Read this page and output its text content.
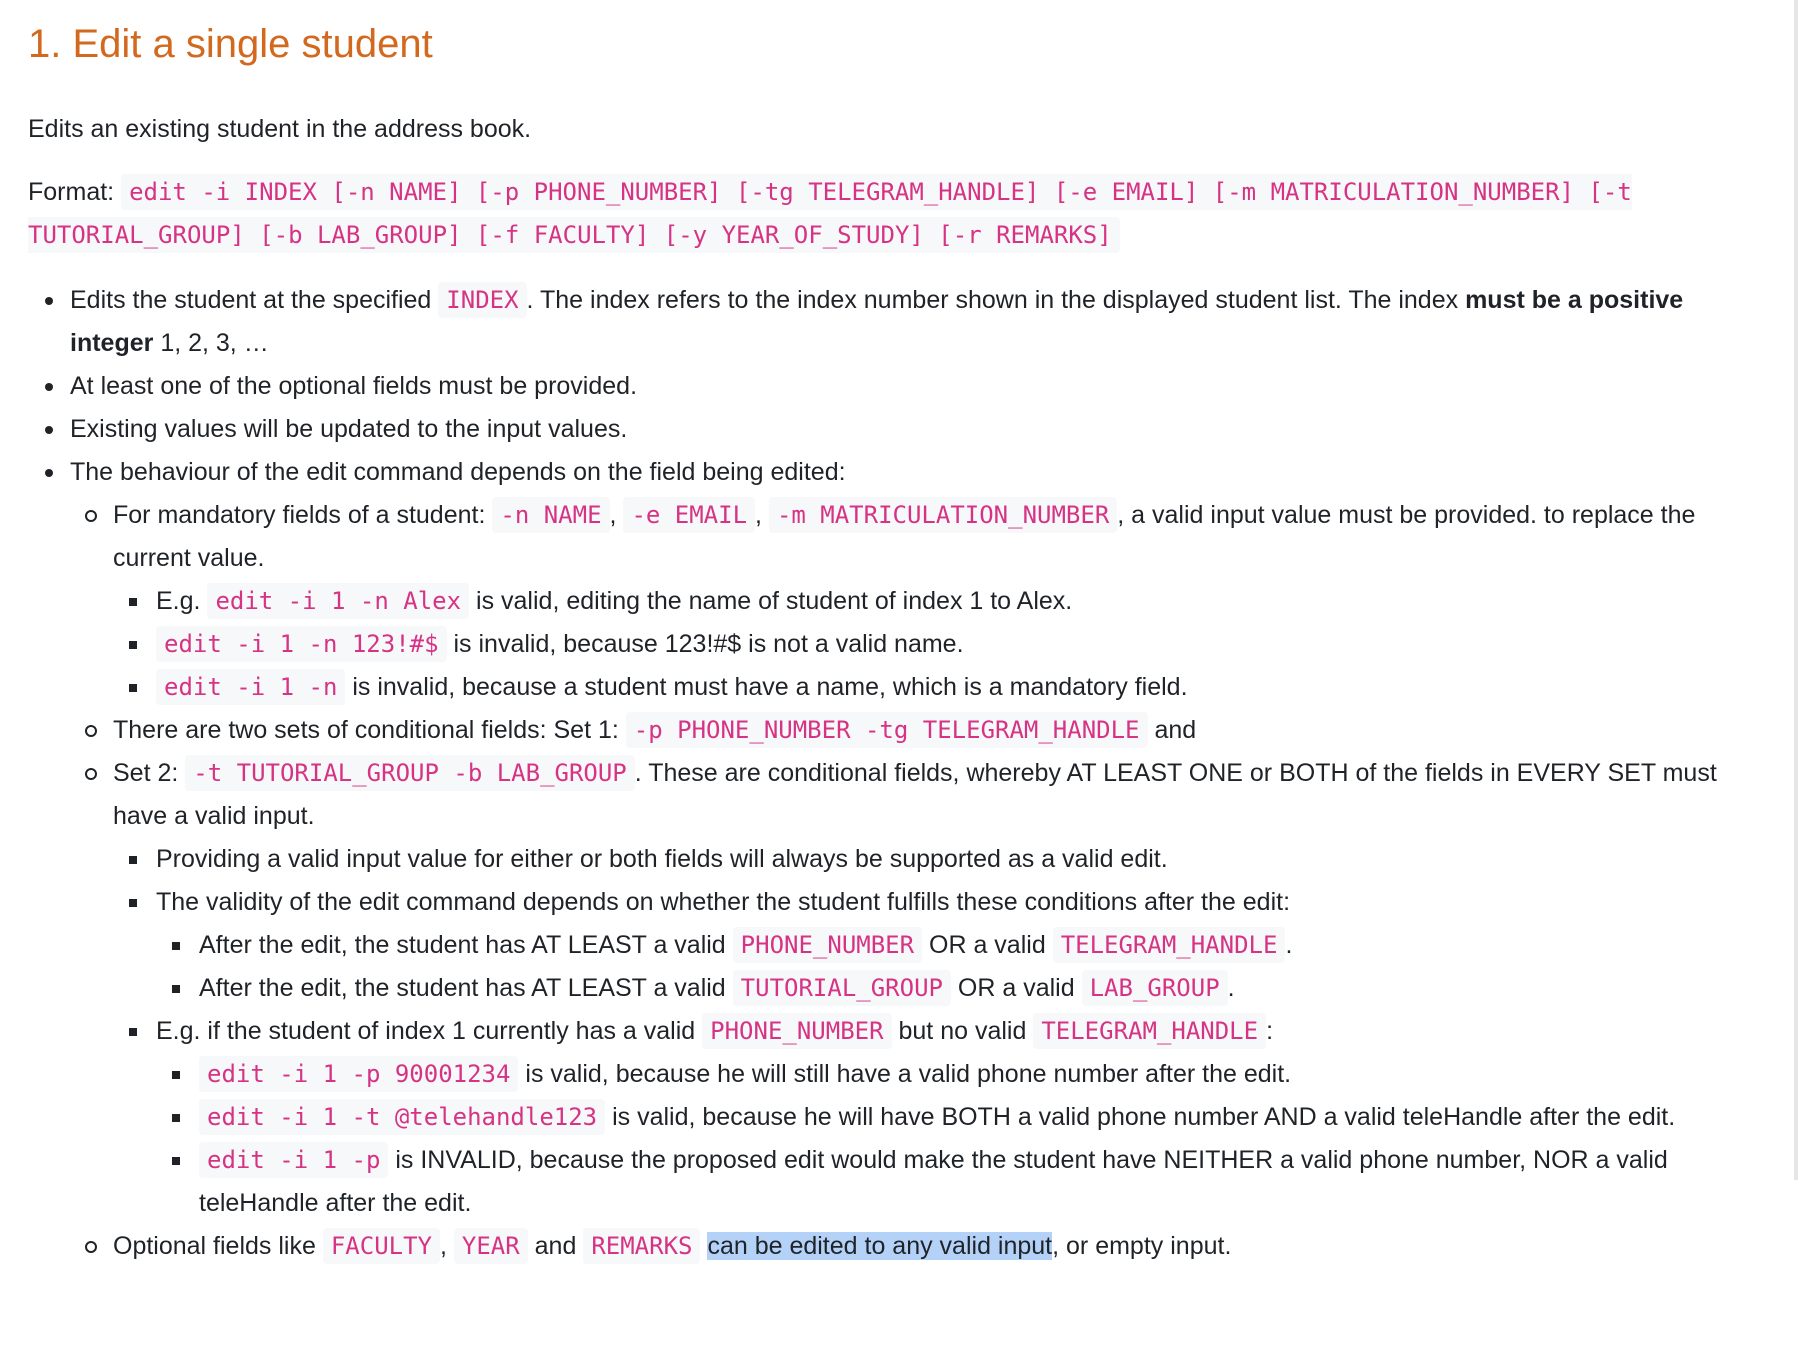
1. Edit a single student

Edits an existing student in the address book.

Format: edit -i INDEX [-n NAME] [-p PHONE_NUMBER] [-tg TELEGRAM_HANDLE] [-e EMAIL] [-m MATRICULATION_NUMBER] [-t TUTORIAL_GROUP] [-b LAB_GROUP] [-f FACULTY] [-y YEAR_OF_STUDY] [-r REMARKS]

Edits the student at the specified INDEX . The index refers to the index number shown in the displayed student list. The index must be a positive integer 1, 2, 3, …
At least one of the optional fields must be provided.
Existing values will be updated to the input values.
The behaviour of the edit command depends on the field being edited:
For mandatory fields of a student: -n NAME , -e EMAIL , -m MATRICULATION_NUMBER , a valid input value must be provided. to replace the current value.
E.g. edit -i 1 -n Alex is valid, editing the name of student of index 1 to Alex.
edit -i 1 -n 123!#$ is invalid, because 123!#$ is not a valid name.
edit -i 1 -n is invalid, because a student must have a name, which is a mandatory field.
There are two sets of conditional fields: Set 1: -p PHONE_NUMBER -tg TELEGRAM_HANDLE and
Set 2: -t TUTORIAL_GROUP -b LAB_GROUP . These are conditional fields, whereby AT LEAST ONE or BOTH of the fields in EVERY SET must have a valid input.
Providing a valid input value for either or both fields will always be supported as a valid edit.
The validity of the edit command depends on whether the student fulfills these conditions after the edit:
After the edit, the student has AT LEAST a valid PHONE_NUMBER OR a valid TELEGRAM_HANDLE .
After the edit, the student has AT LEAST a valid TUTORIAL_GROUP OR a valid LAB_GROUP .
E.g. if the student of index 1 currently has a valid PHONE_NUMBER but no valid TELEGRAM_HANDLE :
edit -i 1 -p 90001234 is valid, because he will still have a valid phone number after the edit.
edit -i 1 -t @telehandle123 is valid, because he will have BOTH a valid phone number AND a valid teleHandle after the edit.
edit -i 1 -p is INVALID, because the proposed edit would make the student have NEITHER a valid phone number, NOR a valid teleHandle after the edit.
Optional fields like FACULTY , YEAR and REMARKS can be edited to any valid input, or empty input.
